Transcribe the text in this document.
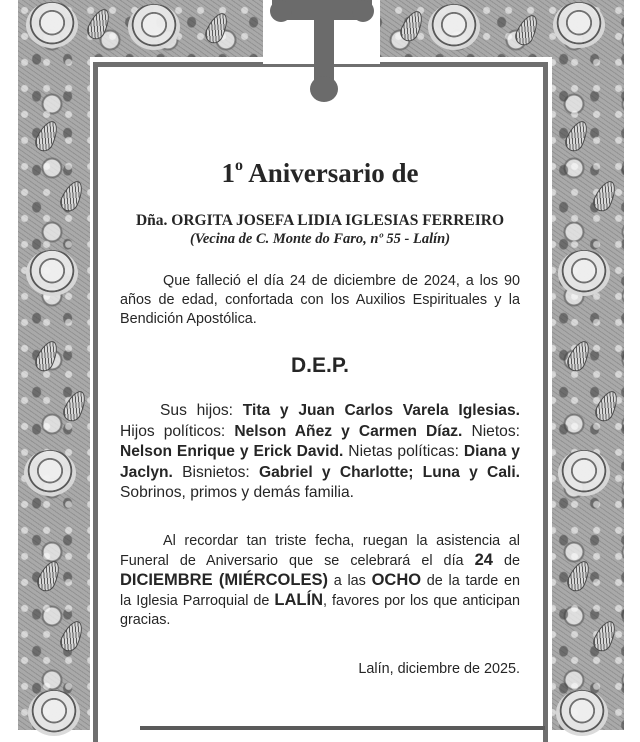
1$^o$ Aniversario de
Dña. ORGITA JOSEFA LIDIA IGLESIAS FERREIRO
(Vecina de C. Monte do Faro, nº 55 - Lalín)

Que falleció el día 24 de diciembre de 2024, a los 90 años de edad, confortada con los Auxilios Espirituales y la Bendición Apostólica.

D.E.P.

Sus hijos: Tita y Juan Carlos Varela Iglesias. Hijos políticos: Nelson Añez y Carmen Díaz. Nietos: Nelson Enrique y Erick David. Nietas políticas: Diana y Jaclyn. Bisnietos: Gabriel y Charlotte; Luna y Cali. Sobrinos, primos y demás familia.

Al recordar tan triste fecha, ruegan la asistencia al Funeral de Aniversario que se celebrará el día 24 de DICIEMBRE (MIÉRCOLES) a las OCHO de la tarde en la Iglesia Parroquial de LALÍN, favores por los que anticipan gracias.

Lalín, diciembre de 2025.
